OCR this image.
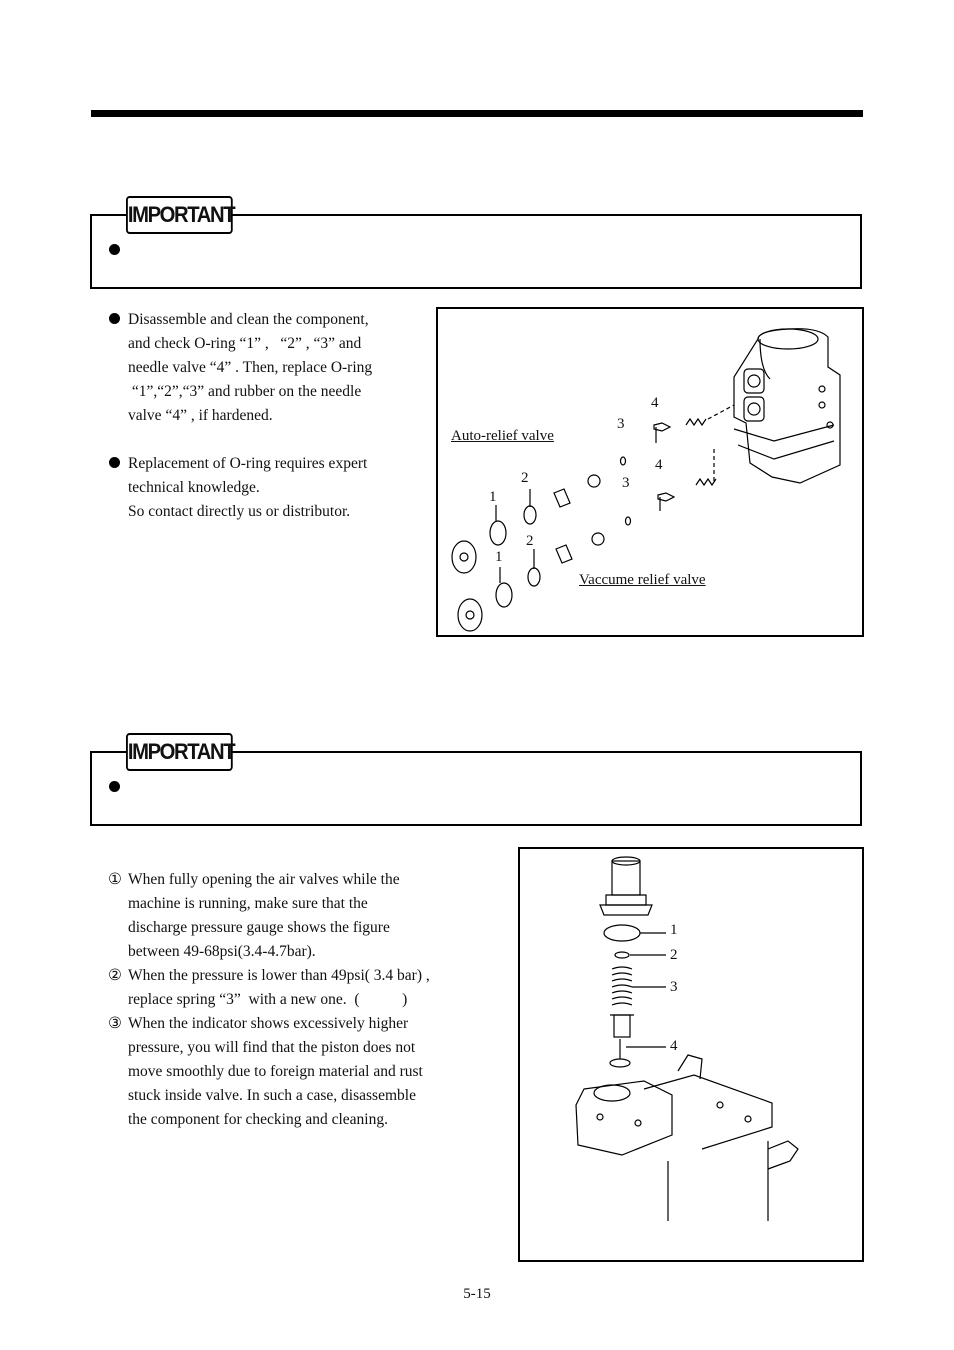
IMPORTANT

Disassemble and clean the component,

and check O-ring “1” ,   “2” , “3” and

needle valve “4” . Then, replace O-ring

“1”,“2”,“3” and rubber on the needle

valve “4” , if hardened.

Replacement of O-ring requires expert

technical knowledge.

So contact directly us or distributor.

Auto-relief valve
Vaccume relief valve
1
1
2
2
3
3
4
4
IMPORTANT
① When fully opening the air valves while the

machine is running, make sure that the

discharge pressure gauge shows the figure

between 49-68psi(3.4-4.7bar).

② When the pressure is lower than 49psi( 3.4 bar) ,

replace spring “3”  with a new one.  (           )

③ When the indicator shows excessively higher

pressure, you will find that the piston does not

move smoothly due to foreign material and rust

stuck inside valve. In such a case, disassemble

the component for checking and cleaning.

1
2
3
4
5-15
